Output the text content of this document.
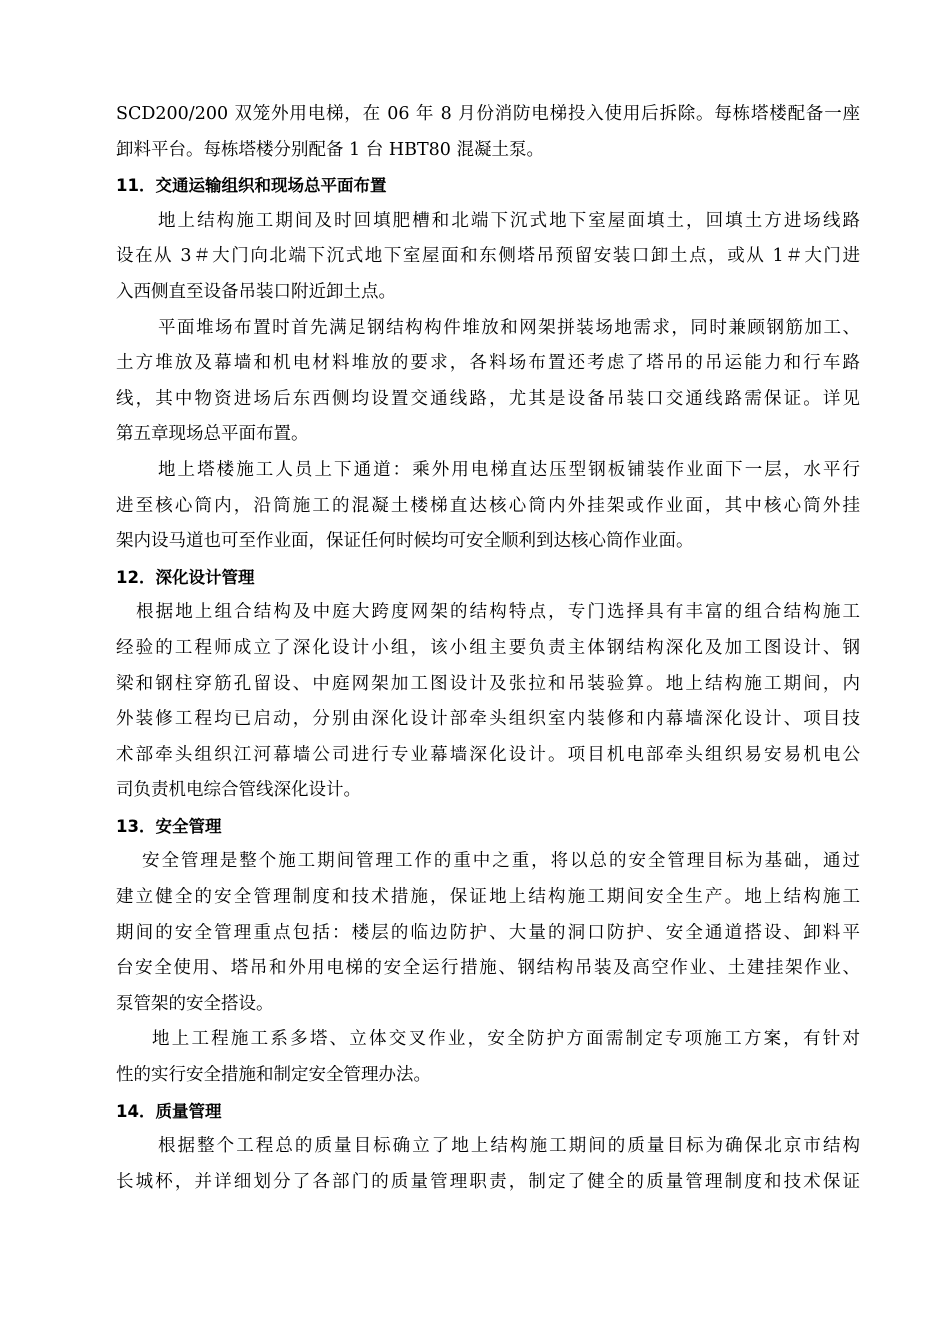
SCD200/200 双笼外用电梯，在 06 年 8 月份消防电梯投入使用后拆除。每栋塔楼配备一座
卸料平台。每栋塔楼分别配备 1 台 HBT80 混凝土泵。
11．交通运输组织和现场总平面布置
地上结构施工期间及时回填肥槽和北端下沉式地下室屋面填土，回填土方进场线路
设在从 3＃大门向北端下沉式地下室屋面和东侧塔吊预留安装口卸土点，或从 1＃大门进
入西侧直至设备吊装口附近卸土点。
平面堆场布置时首先满足钢结构构件堆放和网架拼装场地需求，同时兼顾钢筋加工、
土方堆放及幕墙和机电材料堆放的要求，各料场布置还考虑了塔吊的吊运能力和行车路
线，其中物资进场后东西侧均设置交通线路，尤其是设备吊装口交通线路需保证。详见
第五章现场总平面布置。
地上塔楼施工人员上下通道：乘外用电梯直达压型钢板铺装作业面下一层，水平行
进至核心筒内，沿筒施工的混凝土楼梯直达核心筒内外挂架或作业面，其中核心筒外挂
架内设马道也可至作业面，保证任何时候均可安全顺利到达核心筒作业面。
12．深化设计管理
根据地上组合结构及中庭大跨度网架的结构特点，专门选择具有丰富的组合结构施工
经验的工程师成立了深化设计小组，该小组主要负责主体钢结构深化及加工图设计、钢
梁和钢柱穿筋孔留设、中庭网架加工图设计及张拉和吊装验算。地上结构施工期间，内
外装修工程均已启动，分别由深化设计部牵头组织室内装修和内幕墙深化设计、项目技
术部牵头组织江河幕墙公司进行专业幕墙深化设计。项目机电部牵头组织易安易机电公
司负责机电综合管线深化设计。
13．安全管理
安全管理是整个施工期间管理工作的重中之重，将以总的安全管理目标为基础，通过
建立健全的安全管理制度和技术措施，保证地上结构施工期间安全生产。地上结构施工
期间的安全管理重点包括：楼层的临边防护、大量的洞口防护、安全通道搭设、卸料平
台安全使用、塔吊和外用电梯的安全运行措施、钢结构吊装及高空作业、土建挂架作业、
泵管架的安全搭设。
地上工程施工系多塔、立体交叉作业，安全防护方面需制定专项施工方案，有针对
性的实行安全措施和制定安全管理办法。
14．质量管理
根据整个工程总的质量目标确立了地上结构施工期间的质量目标为确保北京市结构
长城杯，并详细划分了各部门的质量管理职责，制定了健全的质量管理制度和技术保证
